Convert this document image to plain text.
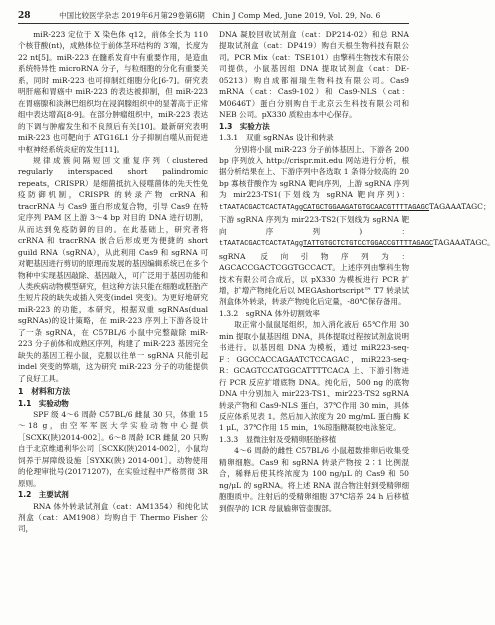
28	中国比较医学杂志 2019年6月第29卷第6期 Chin J Comp Med, June 2019, Vol. 29, No. 6

miR-223 定位于 X 染色体 q12，前体全长为 110 个核苷酸(nt)，成熟体位于前体茎环结构的 3′端，长度为 22 nt[5]。miR-223 在髓系发育中有重要作用，是造血系统特异性 microRNA 分子，与粒细胞的分化有重要关系，同时 miR-223 也可抑制红细胞分化[6-7]。研究表明肝癌和胃癌中 miR-223 的表达被抑制，但 miR-223 在胃癌腺和淡淋巴组织均在浸润腺组织中的显著高于正常组中表达增高[8-9]。在部分肿瘤组织中，miR-223 表达的下调与肿瘤发生和不良预后有关[10]。最新研究表明 miR-223 也可靶向于 ATG16L1 分子抑制自噬从而促进中枢神经系统炎症的发生[11]。

规律成簇间隔短回文重复序列（clustered regularly interspaced short palindromic repeats，CRISPR）是细菌抵抗入侵噬菌体的先天性免疫防御机制，CRISPR 的转录产物 crRNA 和 tracrRNA 与 Cas9 蛋白形成复合物，引导 Cas9 在特定序列 PAM 区上游 3～4 bp 对目的 DNA 进行切割，从而达到免疫防御的目的。在此基础上，研究者将 crRNA 和 tracrRNA 嵌合后形成更为便捷的 short guild RNA（sgRNA），从此利用 Cas9 和 sgRNA 可对靶基因进行剪切的原理而发展的基因编辑系统已在多个物种中实现基因敲除、基因敲入，可广泛用于基因功能和人类疾病动物模型研究，但这种方法只能在细胞或胚胎产生短片段的缺失或插入突变(indel 突变)。为更好地研究 miR-223 的功能，本研究，根据双重 sgRNAs(dual sgRNAs)的设计策略，在 miR-223 序列上下游各设计了一条 sgRNA，在 C57BL/6 小鼠中完整敲除 miR-223 分子前体和成熟区序列，构建了 miR-223 基因完全缺失的基因工程小鼠，克服以往单一 sgRNA 只能引起 indel 突变的弊端，这为研究 miR-223 分子的功能提供了良好工具。

1　材料和方法
1.1　实验动物

SPF 级 4～6 周龄 C57BL/6 雌鼠 30 只，体重 15～18 g，由空军军医大学实验动物中心提供［SCXK(陕)2014-002］。6～8 周龄 ICR 雌鼠 20 只购自于北京维通利华公司［SCXK(陕)2014-002］，小鼠均饲养于屏障级设施［SYXK(陕) 2014-001］。动物使用的伦理审批号(20171207)，在实验过程中严格贯彻 3R 原则。

1.2　主要试剂

RNA 体外转录试剂盒（cat：AM1354）和纯化试剂盒（cat：AM1908）均购自于 Thermo Fisher 公司，

DNA 凝胶回收试剂盒（cat：DP214-02）和总 RNA 提取试剂盒（cat：DP419）购自天根生物科技有限公司。PCR Mix（cat：TSE101）由擎科生物技术有限公司提供，小鼠基因组 DNA 提取试剂盒（cat：DE-05213）购自成都福瑞生物科技有限公司。Cas9 mRNA（cat：Cas9-102）和 Cas9-NLS（cat：M0646T）蛋白分别购自于北京云生科技有限公司和 NEB 公司。pX330 质粒由本中心保存。

1.3　实验方法
1.3.1　双重 sgRNAs 设计和转录

分别将小鼠 miR-223 分子前体基因上、下游各 200 bp 序列放入 http://crispr.mit.edu 网站进行分析，根据分析结果在上、下游序列中各选取 1 条得分较高的 20 bp 寡核苷酸作为 sgRNA 靶向序列，上游 sgRNA 序列为 mir223-TS1(下划线为 sgRNA 靶向序列)：tTAATACGACTCACTATAggCATGCTGGAAGATGTGCAACGTTTTAGAGCTAGAAATAGC；下游 sgRNA 序列为 mir223-TS2(下划线为 sgRNA 靶向序列)：tTAATACGACTCACTATAggTATTGTGCTCTGTCCTGGACCGTTTTAGAGCTAGAAATAGC。sgRNA 反向引物序列为：AGCACCGACTCGGTGCCACT。上述序列由擎科生物技术有限公司合成后，以 pX330 为模板进行 PCR 扩增，扩增产物纯化后以 MEGAshortscript™ T7 转录试剂盒体外转录，转录产物纯化后定量，-80℃保存备用。

1.3.2　sgRNA 体外切割效率

取正常小鼠鼠尾组织，加入消化液后 65℃作用 30 min 提取小鼠基因组 DNA，具体提取过程按试剂盒说明书进行。以基因组 DNA 为模板，通过 miR223-seq-F：GGCCACCAGAATCTCCAGAC，miR223-seq-R：GCAGTCCATGGCATTTTCACA 上、下游引物进行 PCR 反应扩增底物 DNA。纯化后，500 ng 的底物 DNA 中分别加入 mir223-TS1、mir223-TS2 sgRNA 转录产物和 Cas9-NLS 蛋白，37℃作用 30 min，具体反应体系见表 1。然后加入浓度为 20 mg/mL 蛋白酶 K 1 μL，37℃作用 15 min，1%琼脂糖凝胶电泳鉴定。

1.3.3　显微注射及受精卵胚胎移植

4～6 周龄的雌性 C57BL/6 小鼠超数排卵后收集受精卵细胞。Cas9 和 sgRNA 转录产物按 2∶1 比例混合，稀释后使其终浓度为 100 ng/μL 的 Cas9 和 50 ng/μL 的 sgRNA。将上述 RNA 混合物注射到受精卵细胞胞质中。注射后的受精卵细胞 37℃培养 24 h 后移植到假孕的 ICR 母鼠输卵管壶腹部。
